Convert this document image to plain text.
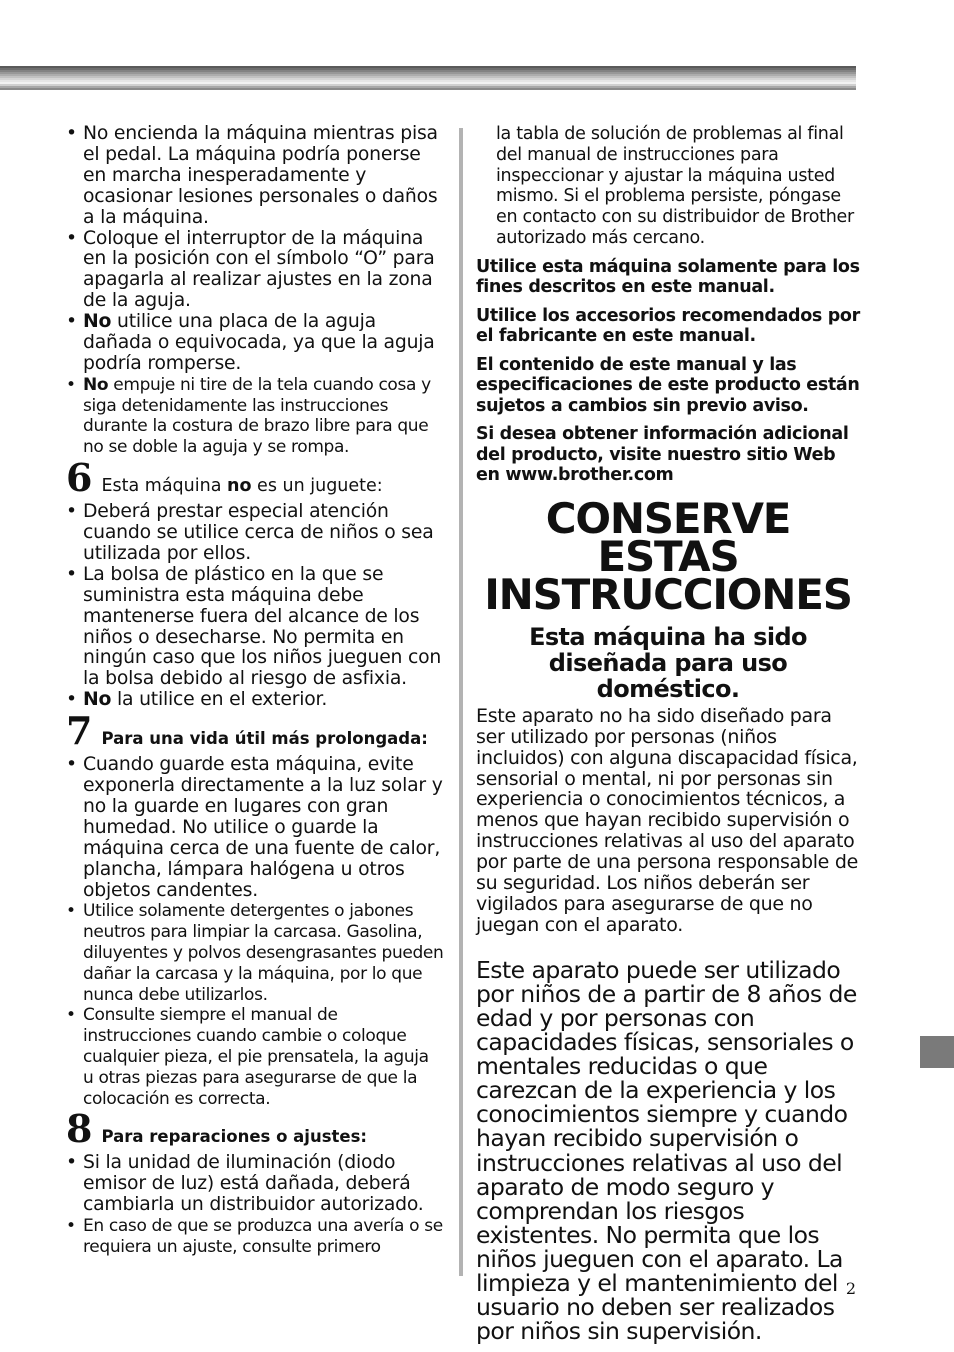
• No encienda la máquina mientras pisa el pedal. La máquina podría ponerse en marcha inesperadamente y ocasionar lesiones personales o daños a la máquina.
• Coloque el interruptor de la máquina en la posición con el símbolo “O” para apagarla al realizar ajustes en la zona de la aguja.
• No utilice una placa de la aguja dañada o equivocada, ya que la aguja podría romperse.
• No empuje ni tire de la tela cuando cosa y siga detenidamente las instrucciones durante la costura de brazo libre para que no se doble la aguja y se rompa.
6 Esta máquina no es un juguete:
• Deberá prestar especial atención cuando se utilice cerca de niños o sea utilizada por ellos.
• La bolsa de plástico en la que se suministra esta máquina debe mantenerse fuera del alcance de los niños o desecharse. No permita en ningún caso que los niños jueguen con la bolsa debido al riesgo de asfixia.
• No la utilice en el exterior.
7 Para una vida útil más prolongada:
• Cuando guarde esta máquina, evite exponerla directamente a la luz solar y no la guarde en lugares con gran humedad. No utilice o guarde la máquina cerca de una fuente de calor, plancha, lámpara halógena u otros objetos candentes.
• Utilice solamente detergentes o jabones neutros para limpiar la carcasa. Gasolina, diluyentes y polvos desengrasantes pueden dañar la carcasa y la máquina, por lo que nunca debe utilizarlos.
• Consulte siempre el manual de instrucciones cuando cambie o coloque cualquier pieza, el pie prensatela, la aguja u otras piezas para asegurarse de que la colocación es correcta.
8 Para reparaciones o ajustes:
• Si la unidad de iluminación (diodo emisor de luz) está dañada, deberá cambiarla un distribuidor autorizado.
• En caso de que se produzca una avería o se requiera un ajuste, consulte primero
la tabla de solución de problemas al final del manual de instrucciones para inspeccionar y ajustar la máquina usted mismo. Si el problema persiste, póngase en contacto con su distribuidor de Brother autorizado más cercano.

Utilice esta máquina solamente para los fines descritos en este manual.

Utilice los accesorios recomendados por el fabricante en este manual.

El contenido de este manual y las especificaciones de este producto están sujetos a cambios sin previo aviso.

Si desea obtener información adicional del producto, visite nuestro sitio Web en www.brother.com

CONSERVE ESTAS
INSTRUCCIONES
Esta máquina ha sido
diseñada para uso doméstico.

Este aparato no ha sido diseñado para ser utilizado por personas (niños incluidos) con alguna discapacidad física, sensorial o mental, ni por personas sin experiencia o conocimientos técnicos, a menos que hayan recibido supervisión o instrucciones relativas al uso del aparato por parte de una persona responsable de su seguridad. Los niños deberán ser vigilados para asegurarse de que no juegan con el aparato.

Este aparato puede ser utilizado por niños de a partir de 8 años de edad y por personas con capacidades físicas, sensoriales o mentales reducidas o que carezcan de la experiencia y los conocimientos siempre y cuando hayan recibido supervisión o instrucciones relativas al uso del aparato de modo seguro y comprendan los riesgos existentes. No permita que los niños jueguen con el aparato. La limpieza y el mantenimiento del usuario no deben ser realizados por niños sin supervisión.

2
